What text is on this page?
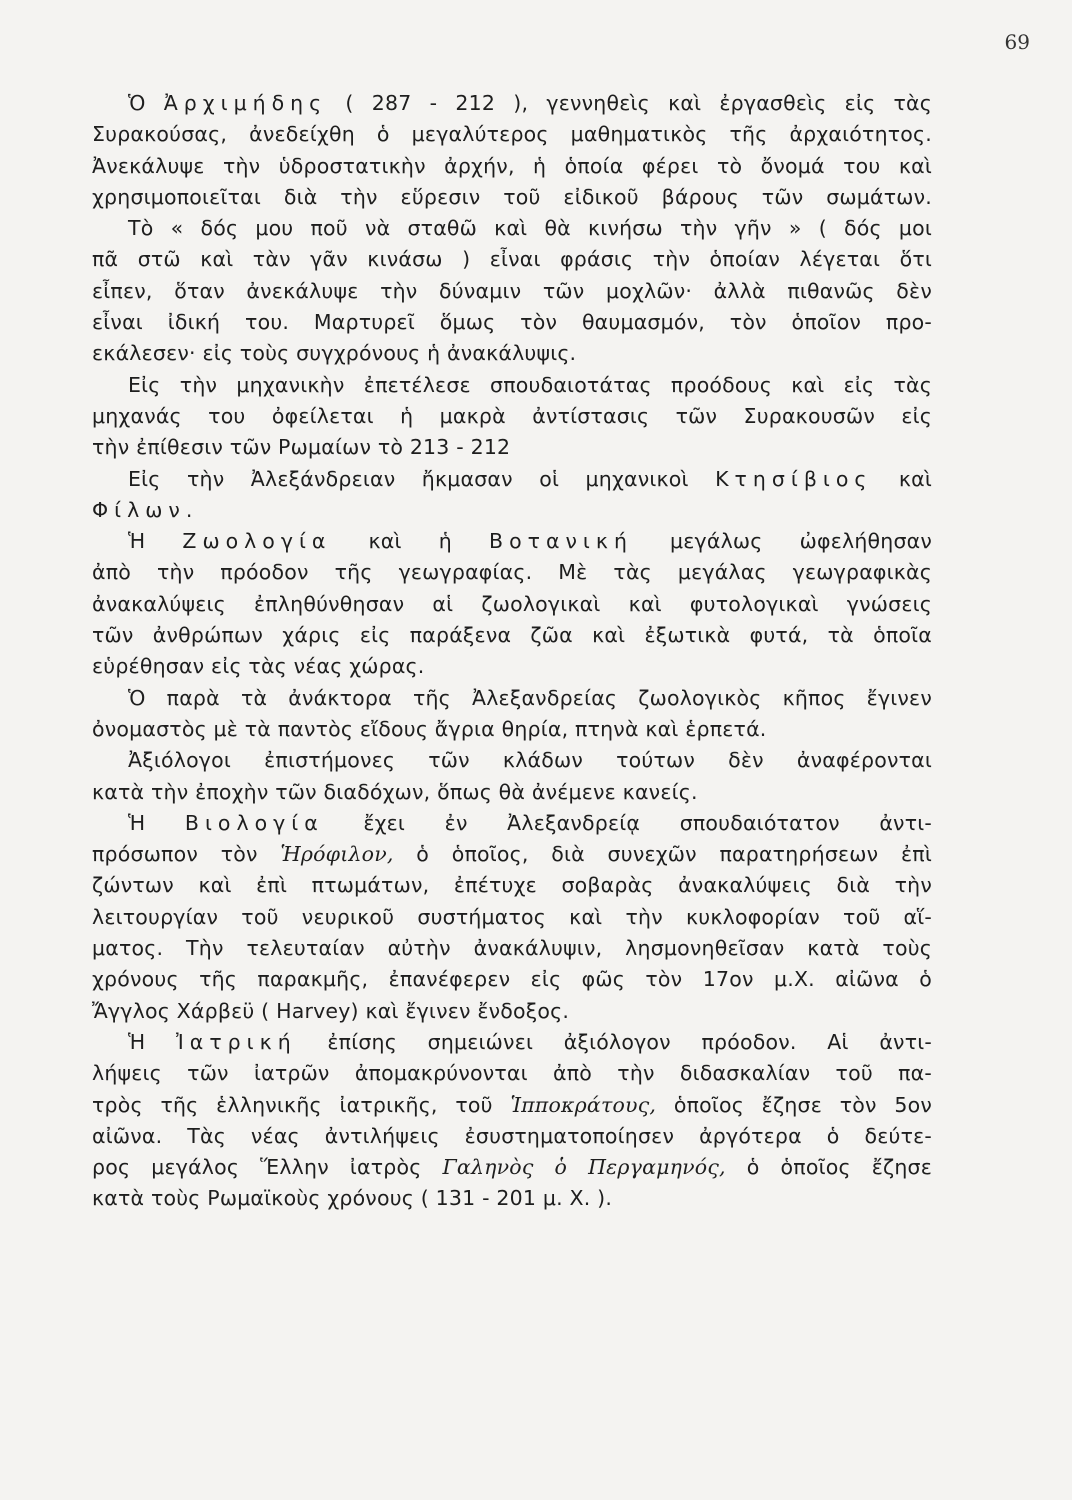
69
Ὁ Ἀρχιμήδης ( 287 - 212 ), γεννηθεὶς καὶ ἐργασθεὶς εἰς τὰς
Συρακούσας, ἀνεδείχθη ὁ μεγαλύτερος μαθηματικὸς τῆς ἀρχαιότητος.
Ἀνεκάλυψε τὴν ὑδροστατικὴν ἀρχήν, ἡ ὁποία φέρει τὸ ὄνομά του καὶ
χρησιμοποιεῖται διὰ τὴν εὕρεσιν τοῦ εἰδικοῦ βάρους τῶν σωμάτων.
Τὸ « δός μου ποῦ νὰ σταθῶ καὶ θὰ κινήσω τὴν γῆν » ( δός μοι
πᾶ στῶ καὶ τὰν γᾶν κινάσω ) εἶναι φράσις τὴν ὁποίαν λέγεται ὅτι
εἶπεν, ὅταν ἀνεκάλυψε τὴν δύναμιν τῶν μοχλῶν· ἀλλὰ πιθανῶς δὲν
εἶναι ἰδική του. Μαρτυρεῖ ὅμως τὸν θαυμασμόν, τὸν ὁποῖον προ-
εκάλεσεν· εἰς τοὺς συγχρόνους ἡ ἀνακάλυψις.
Εἰς τὴν μηχανικὴν ἐπετέλεσε σπουδαιοτάτας προόδους καὶ εἰς τὰς
μηχανάς του ὀφείλεται ἡ μακρὰ ἀντίστασις τῶν Συρακουσῶν εἰς
τὴν ἐπίθεσιν τῶν Ρωμαίων τὸ 213 - 212
Εἰς τὴν Ἀλεξάνδρειαν ἤκμασαν οἱ μηχανικοὶ Κτησίβιος καὶ
Φίλων.
Ἡ Ζωολογία καὶ ἡ Βοτανική μεγάλως ὠφελήθησαν
ἀπὸ τὴν πρόοδον τῆς γεωγραφίας. Μὲ τὰς μεγάλας γεωγραφικὰς
ἀνακαλύψεις ἐπληθύνθησαν αἱ ζωολογικαὶ καὶ φυτολογικαὶ γνώσεις
τῶν ἀνθρώπων χάρις εἰς παράξενα ζῶα καὶ ἐξωτικὰ φυτά, τὰ ὁποῖα
εὑρέθησαν εἰς τὰς νέας χώρας.
Ὁ παρὰ τὰ ἀνάκτορα τῆς Ἀλεξανδρείας ζωολογικὸς κῆπος ἔγινεν
ὀνομαστὸς μὲ τὰ παντὸς εἴδους ἄγρια θηρία, πτηνὰ καὶ ἑρπετά.
Ἀξιόλογοι ἐπιστήμονες τῶν κλάδων τούτων δὲν ἀναφέρονται
κατὰ τὴν ἐποχὴν τῶν διαδόχων, ὅπως θὰ ἀνέμενε κανείς.
Ἡ Βιολογία ἔχει ἐν Ἀλεξανδρείᾳ σπουδαιότατον ἀντι-
πρόσωπον τὸν Ἡρόφιλον, ὁ ὁποῖος, διὰ συνεχῶν παρατηρήσεων ἐπὶ
ζώντων καὶ ἐπὶ πτωμάτων, ἐπέτυχε σοβαρὰς ἀνακαλύψεις διὰ τὴν
λειτουργίαν τοῦ νευρικοῦ συστήματος καὶ τὴν κυκλοφορίαν τοῦ αἵ-
ματος. Τὴν τελευταίαν αὐτὴν ἀνακάλυψιν, λησμονηθεῖσαν κατὰ τοὺς
χρόνους τῆς παρακμῆς, ἐπανέφερεν εἰς φῶς τὸν 17ον μ.Χ. αἰῶνα ὁ
Ἄγγλος Χάρβεϋ ( Harvey) καὶ ἔγινεν ἔνδοξος.
Ἡ Ἰατρική ἐπίσης σημειώνει ἀξιόλογον πρόοδον. Αἱ ἀντι-
λήψεις τῶν ἰατρῶν ἀπομακρύνονται ἀπὸ τὴν διδασκαλίαν τοῦ πα-
τρὸς τῆς ἑλληνικῆς ἰατρικῆς, τοῦ Ἱπποκράτους, ὁποῖος ἔζησε τὸν 5ον
αἰῶνα. Τὰς νέας ἀντιλήψεις ἐσυστηματοποίησεν ἀργότερα ὁ δεύτε-
ρος μεγάλος Ἕλλην ἰατρὸς Γαληνὸς ὁ Περγαμηνός, ὁ ὁποῖος ἔζησε
κατὰ τοὺς Ρωμαϊκοὺς χρόνους ( 131 - 201 μ. Χ. ).
